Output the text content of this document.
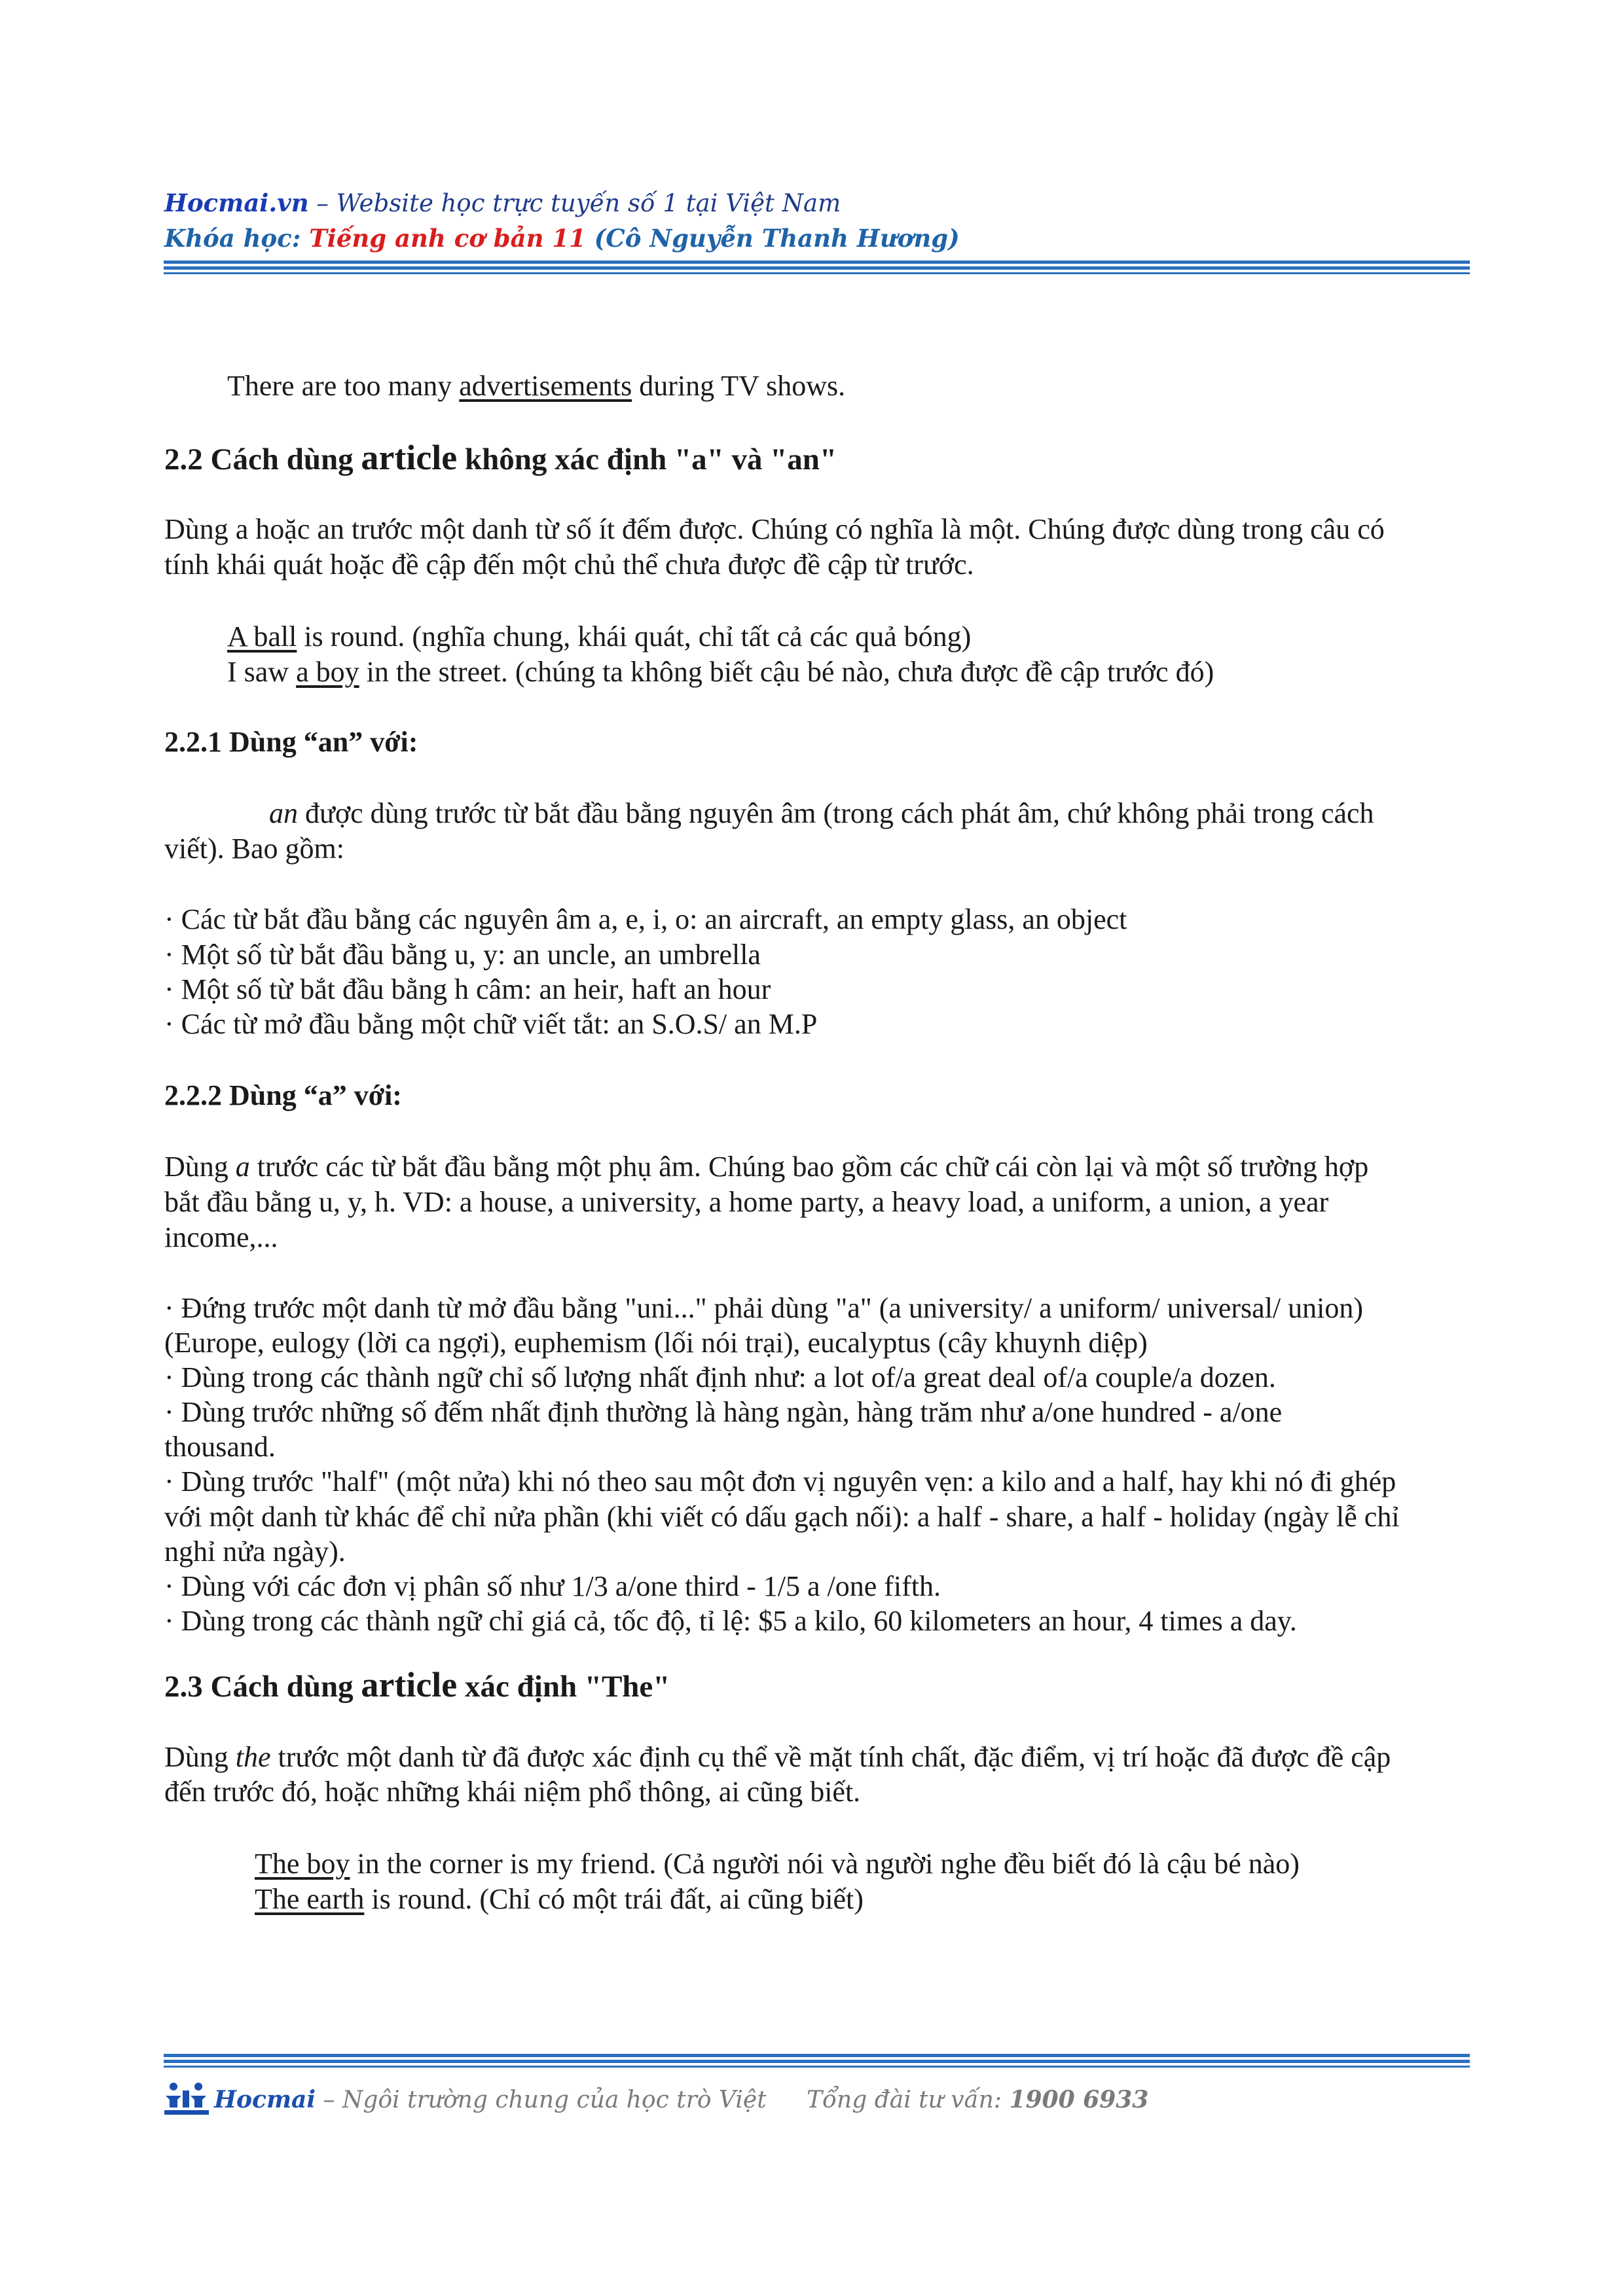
Hocmai.vn – Website học trực tuyến số 1 tại Việt Nam
Khóa học: Tiếng anh cơ bản 11 (Cô Nguyễn Thanh Hương)
There are too many advertisements during TV shows.
2.2 Cách dùng article không xác định "a" và "an"
Dùng a hoặc an trước một danh từ số ít đếm được. Chúng có nghĩa là một. Chúng được dùng trong câu có
tính khái quát hoặc đề cập đến một chủ thể chưa được đề cập từ trước.
A ball is round. (nghĩa chung, khái quát, chỉ tất cả các quả bóng)
I saw a boy in the street. (chúng ta không biết cậu bé nào, chưa được đề cập trước đó)
2.2.1 Dùng “an” với:
an được dùng trước từ bắt đầu bằng nguyên âm (trong cách phát âm, chứ không phải trong cách
viết). Bao gồm:
· Các từ bắt đầu bằng các nguyên âm a, e, i, o: an aircraft, an empty glass, an object
· Một số từ bắt đầu bằng u, y: an uncle, an umbrella
· Một số từ bắt đầu bằng h câm: an heir, haft an hour
· Các từ mở đầu bằng một chữ viết tắt: an S.O.S/ an M.P
2.2.2 Dùng “a” với:
Dùng a trước các từ bắt đầu bằng một phụ âm. Chúng bao gồm các chữ cái còn lại và một số trường hợp
bắt đầu bằng u, y, h. VD: a house, a university, a home party, a heavy load, a uniform, a union, a year
income,...
· Đứng trước một danh từ mở đầu bằng "uni..." phải dùng "a" (a university/ a uniform/ universal/ union)
(Europe, eulogy (lời ca ngợi), euphemism (lối nói trại), eucalyptus (cây khuynh diệp)
· Dùng trong các thành ngữ chỉ số lượng nhất định như: a lot of/a great deal of/a couple/a dozen.
· Dùng trước những số đếm nhất định thường là hàng ngàn, hàng trăm như a/one hundred - a/one
thousand.
· Dùng trước "half" (một nửa) khi nó theo sau một đơn vị nguyên vẹn: a kilo and a half, hay khi nó đi ghép
với một danh từ khác để chỉ nửa phần (khi viết có dấu gạch nối): a half - share, a half - holiday (ngày lễ chỉ
nghỉ nửa ngày).
· Dùng với các đơn vị phân số như 1/3 a/one third - 1/5 a /one fifth.
· Dùng trong các thành ngữ chỉ giá cả, tốc độ, tỉ lệ: $5 a kilo, 60 kilometers an hour, 4 times a day.
2.3 Cách dùng article xác định "The"
Dùng the trước một danh từ đã được xác định cụ thể về mặt tính chất, đặc điểm, vị trí hoặc đã được đề cập
đến trước đó, hoặc những khái niệm phổ thông, ai cũng biết.
The boy in the corner is my friend. (Cả người nói và người nghe đều biết đó là cậu bé nào)
The earth is round. (Chỉ có một trái đất, ai cũng biết)
Hocmai – Ngôi trường chung của học trò Việt Tổng đài tư vấn: 1900 6933
